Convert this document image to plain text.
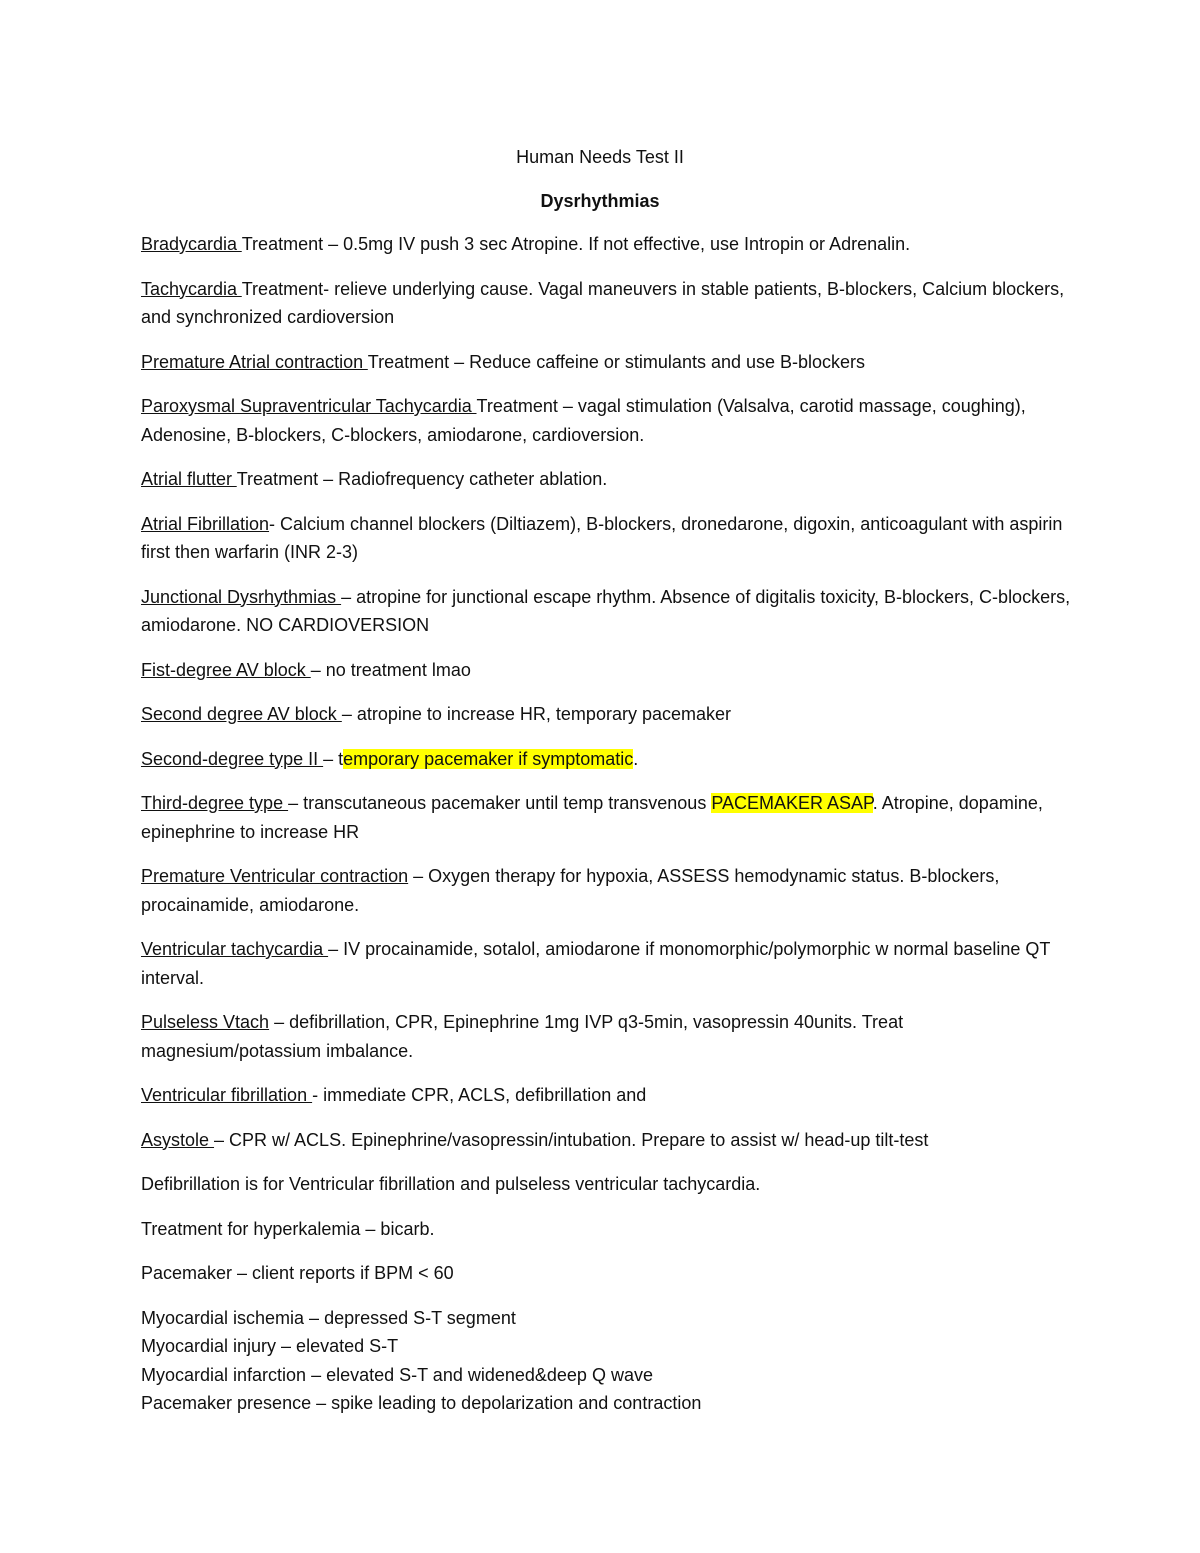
Human Needs Test II
Dysrhythmias

Bradycardia Treatment – 0.5mg IV push 3 sec Atropine. If not effective, use Intropin or Adrenalin.

Tachycardia Treatment- relieve underlying cause. Vagal maneuvers in stable patients, B-blockers, Calcium blockers, and synchronized cardioversion

Premature Atrial contraction Treatment – Reduce caffeine or stimulants and use B-blockers

Paroxysmal Supraventricular Tachycardia Treatment – vagal stimulation (Valsalva, carotid massage, coughing), Adenosine, B-blockers, C-blockers, amiodarone, cardioversion.

Atrial flutter Treatment – Radiofrequency catheter ablation.

Atrial Fibrillation- Calcium channel blockers (Diltiazem), B-blockers, dronedarone, digoxin, anticoagulant with aspirin first then warfarin (INR 2-3)

Junctional Dysrhythmias – atropine for junctional escape rhythm. Absence of digitalis toxicity, B-blockers, C-blockers, amiodarone. NO CARDIOVERSION

Fist-degree AV block – no treatment lmao

Second degree AV block – atropine to increase HR, temporary pacemaker

Second-degree type II – temporary pacemaker if symptomatic.

Third-degree type – transcutaneous pacemaker until temp transvenous PACEMAKER ASAP. Atropine, dopamine, epinephrine to increase HR

Premature Ventricular contraction – Oxygen therapy for hypoxia, ASSESS hemodynamic status. B-blockers, procainamide, amiodarone.

Ventricular tachycardia – IV procainamide, sotalol, amiodarone if monomorphic/polymorphic w normal baseline QT interval.

Pulseless Vtach – defibrillation, CPR, Epinephrine 1mg IVP q3-5min, vasopressin 40units. Treat magnesium/potassium imbalance.

Ventricular fibrillation - immediate CPR, ACLS, defibrillation and

Asystole – CPR w/ ACLS. Epinephrine/vasopressin/intubation. Prepare to assist w/ head-up tilt-test

Defibrillation is for Ventricular fibrillation and pulseless ventricular tachycardia.

Treatment for hyperkalemia – bicarb.

Pacemaker – client reports if BPM < 60

Myocardial ischemia – depressed S-T segment

Myocardial injury – elevated S-T

Myocardial infarction – elevated S-T and widened&deep Q wave

Pacemaker presence – spike leading to depolarization and contraction
